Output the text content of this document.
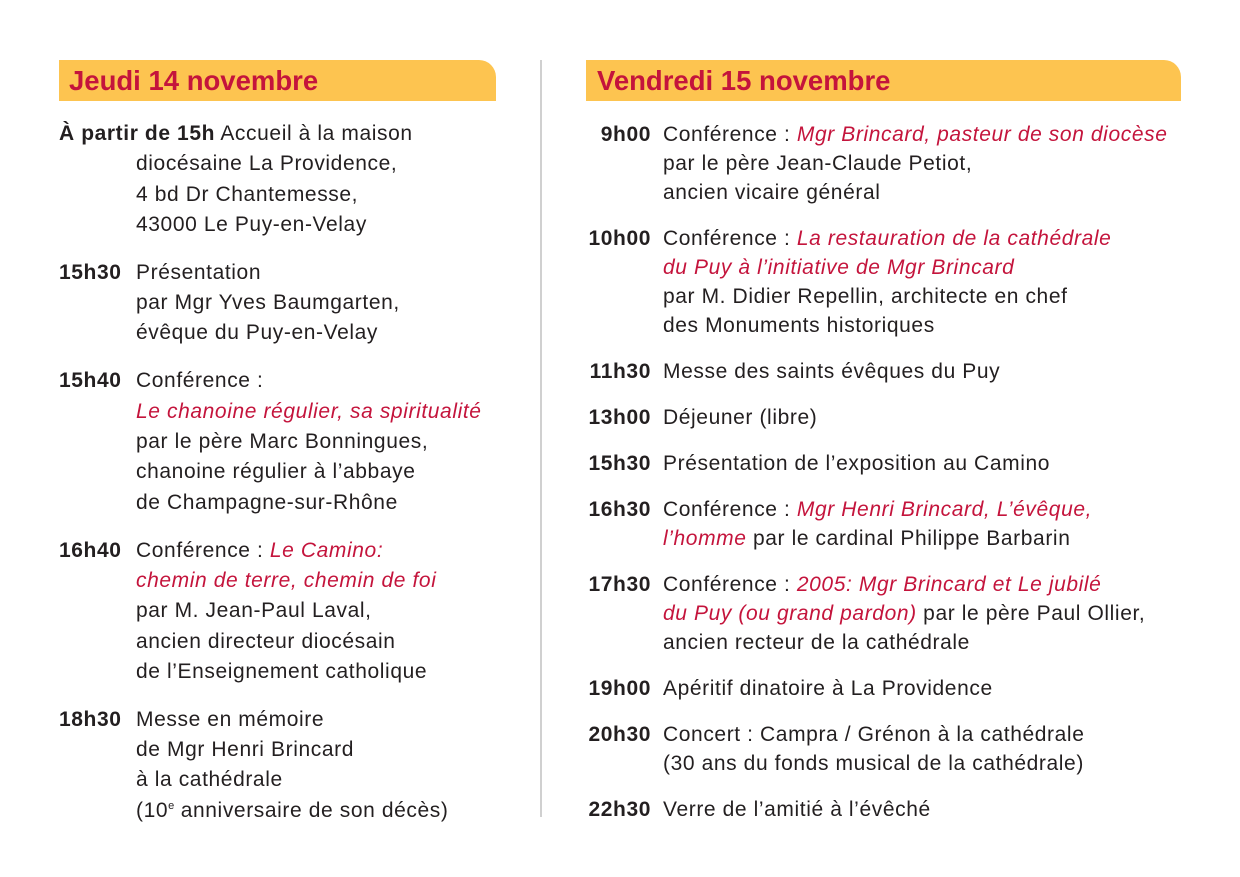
Jeudi 14 novembre
À partir de 15h Accueil à la maison
diocésaine La Providence,
4 bd Dr Chantemesse,
43000 Le Puy-en-Velay
15h30 Présentation
par Mgr Yves Baumgarten,
évêque du Puy-en-Velay
15h40 Conférence :
Le chanoine régulier, sa spiritualité
par le père Marc Bonningues,
chanoine régulier à l’abbaye
de Champagne-sur-Rhône
16h40 Conférence : Le Camino:
chemin de terre, chemin de foi
par M. Jean-Paul Laval,
ancien directeur diocésain
de l’Enseignement catholique
18h30 Messe en mémoire
de Mgr Henri Brincard
à la cathédrale
(10e anniversaire de son décès)
Vendredi 15 novembre
9h00 Conférence : Mgr Brincard, pasteur de son diocèse
par le père Jean-Claude Petiot,
ancien vicaire général
10h00 Conférence : La restauration de la cathédrale
du Puy à l’initiative de Mgr Brincard
par M. Didier Repellin, architecte en chef
des Monuments historiques
11h30 Messe des saints évêques du Puy
13h00 Déjeuner (libre)
15h30 Présentation de l’exposition au Camino
16h30 Conférence : Mgr Henri Brincard, L’évêque,
l’homme par le cardinal Philippe Barbarin
17h30 Conférence : 2005: Mgr Brincard et Le jubilé
du Puy (ou grand pardon) par le père Paul Ollier,
ancien recteur de la cathédrale
19h00 Apéritif dinatoire à La Providence
20h30 Concert : Campra / Grénon à la cathédrale
(30 ans du fonds musical de la cathédrale)
22h30 Verre de l’amitié à l’évêché
